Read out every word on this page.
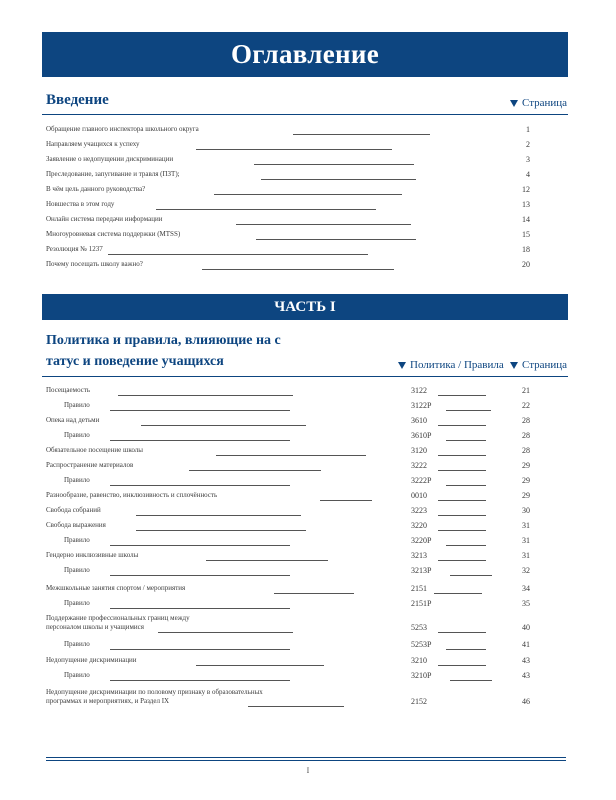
Оглавление
Введение	Страница
Обращение главного инспектора школьного округа	1
Направляем учащихся к успеху	2
Заявление о недопущении дискриминации	3
Преследование, запугивание и травля (ПЗТ);	4
В чём цель данного руководства?	12
Новшества в этом году	13
Онлайн система передачи информации	14
Многоуровневая система поддержки (MTSS)	15
Резолюция № 1237	18
Почему посещать школу важно?	20
ЧАСТЬ I
Политика и правила, влияющие на с
татус и поведение учащихся	Политика / Правила Страница
Посещаемость	3122	21
Правило	3122P	22
Опека над детьми	3610	28
Правило	3610P	28
Обязательное посещение школы	3120	28
Распространение материалов	3222	29
Правило	3222P	29
Разнообразие, равенство, инклюзивность и сплочённость	0010	29
Свобода собраний	3223	30
Свобода выражения	3220	31
Правило	3220P	31
Гендерно инклюзивные школы	3213	31
Правило	3213P	32
Межшкольные занятия спортом / мероприятия	2151	34
Правило	2151P	35
Поддержание профессиональных границ между
персоналом школы и учащимися	5253	40
Правило	5253P	41
Недопущение дискриминации	3210	43
Правило	3210P	43
Недопущение дискриминации по половому признаку в образовательных
программах и мероприятиях, и Раздел IX	2152	46
I
